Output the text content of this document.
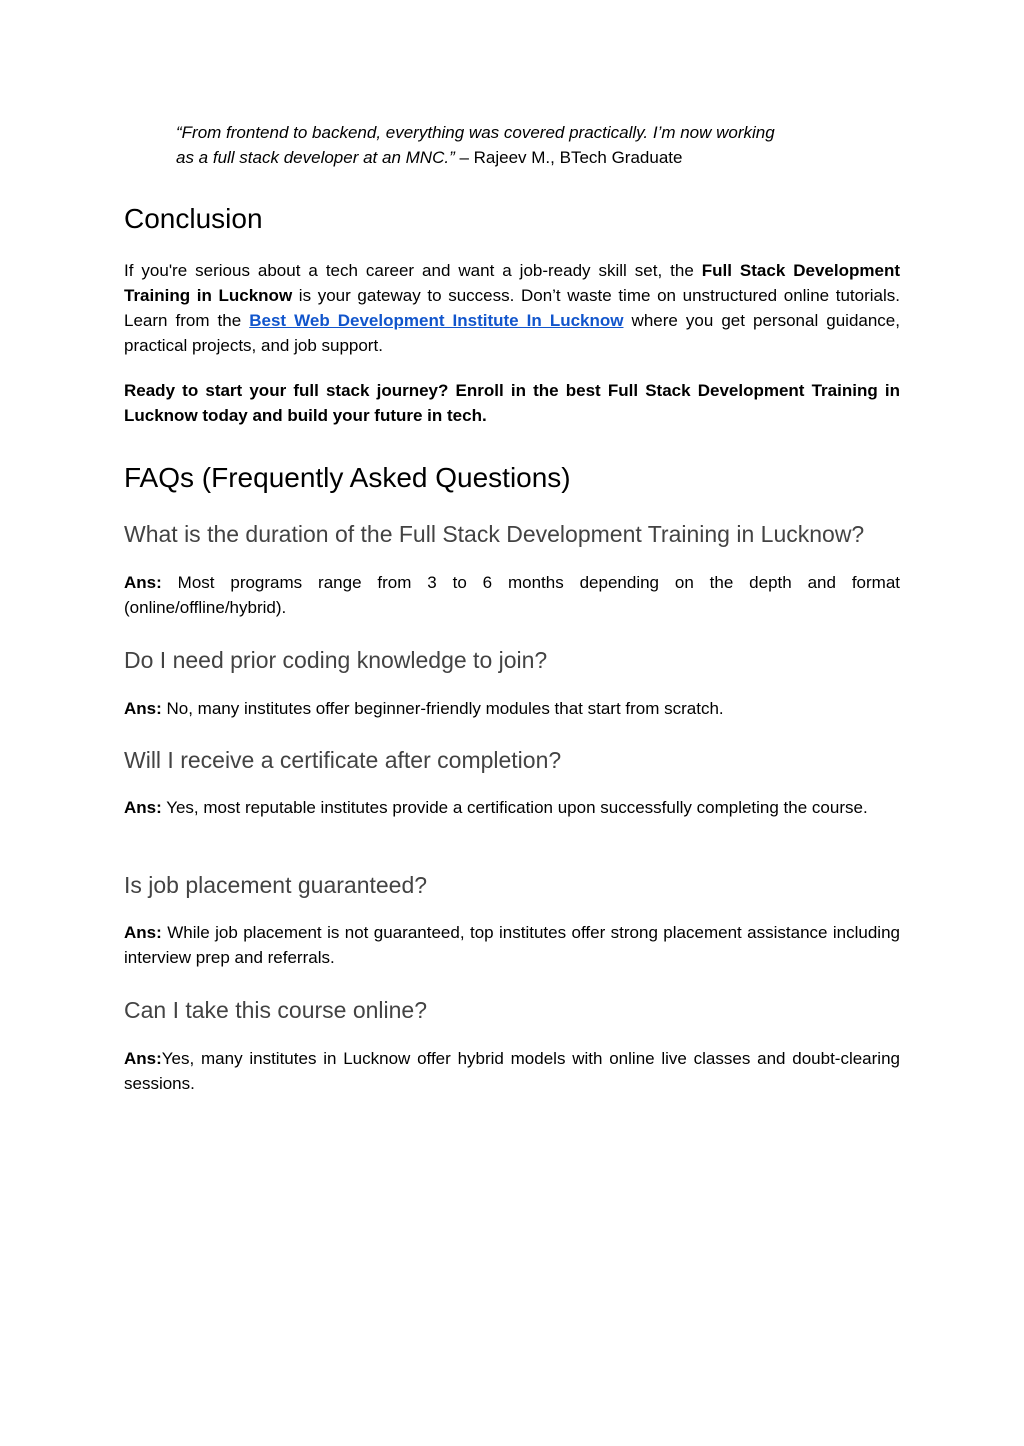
“From frontend to backend, everything was covered practically. I’m now working
as a full stack developer at an MNC.” – Rajeev M., BTech Graduate
Conclusion

If you're serious about a tech career and want a job-ready skill set, the Full Stack Development Training in Lucknow is your gateway to success. Don’t waste time on unstructured online tutorials. Learn from the Best Web Development Institute In Lucknow where you get personal guidance, practical projects, and job support.

Ready to start your full stack journey? Enroll in the best Full Stack Development Training in Lucknow today and build your future in tech.

FAQs (Frequently Asked Questions)
What is the duration of the Full Stack Development Training in Lucknow?

Ans: Most programs range from 3 to 6 months depending on the depth and format (online/offline/hybrid).

Do I need prior coding knowledge to join?

Ans: No, many institutes offer beginner-friendly modules that start from scratch.

Will I receive a certificate after completion?

Ans: Yes, most reputable institutes provide a certification upon successfully completing the course.

Is job placement guaranteed?

Ans: While job placement is not guaranteed, top institutes offer strong placement assistance including interview prep and referrals.

Can I take this course online?

Ans:Yes, many institutes in Lucknow offer hybrid models with online live classes and doubt-clearing sessions.
